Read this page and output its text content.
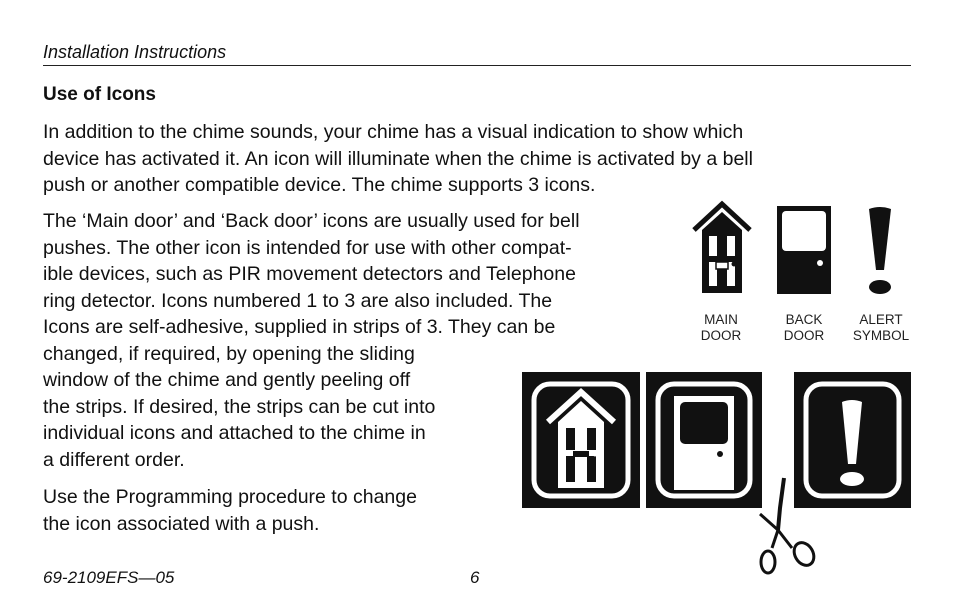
Installation Instructions
Use of Icons
In addition to the chime sounds, your chime has a visual indication to show which
device has activated it. An icon will illuminate when the chime is activated by a bell
push or another compatible device. The chime supports 3 icons.
The ‘Main door’ and ‘Back door’ icons are usually used for bell
pushes. The other icon is intended for use with other compat-
ible devices, such as PIR movement detectors and Telephone
ring detector. Icons numbered 1 to 3 are also included. The
Icons are self-adhesive, supplied in strips of 3. They can be
changed, if required, by opening the sliding
window of the chime and gently peeling off
the strips. If desired, the strips can be cut into
individual icons and attached to the chime in
a different order.
Use the Programming procedure to change
the icon associated with a push.
MAIN
DOOR
BACK
DOOR
ALERT
SYMBOL
69-2109EFS—05	6
